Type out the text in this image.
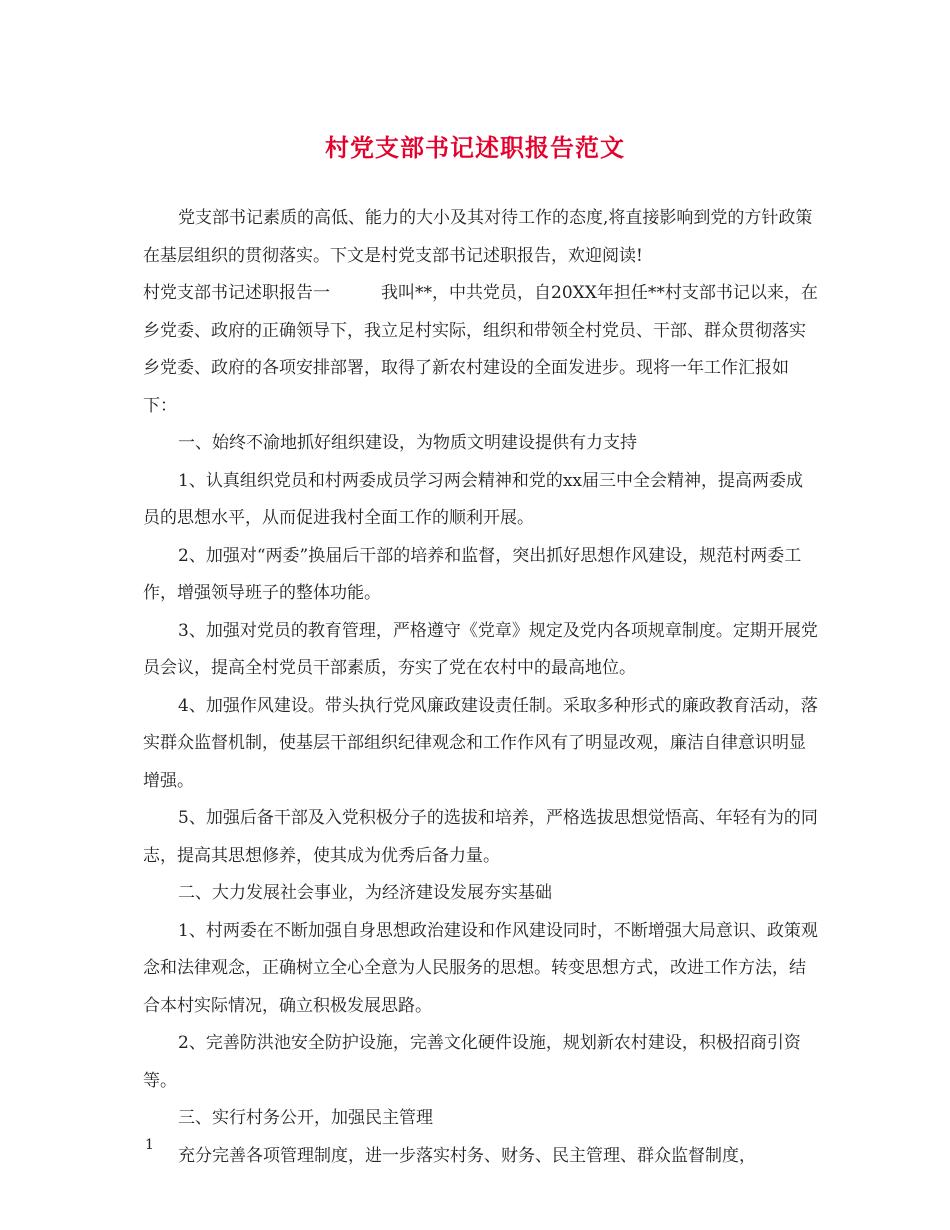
村党支部书记述职报告范文

党支部书记素质的高低、能力的大小及其对待工作的态度,将直接影响到党的方针政策在基层组织的贯彻落实。下文是村党支部书记述职报告，欢迎阅读!

村党支部书记述职报告一　　　我叫**，中共党员，自20XX年担任**村支部书记以来，在乡党委、政府的正确领导下，我立足村实际，组织和带领全村党员、干部、群众贯彻落实乡党委、政府的各项安排部署，取得了新农村建设的全面发进步。现将一年工作汇报如下：

一、始终不渝地抓好组织建设，为物质文明建设提供有力支持

1、认真组织党员和村两委成员学习两会精神和党的xx届三中全会精神，提高两委成员的思想水平，从而促进我村全面工作的顺利开展。

2、加强对“两委”换届后干部的培养和监督，突出抓好思想作风建设，规范村两委工作，增强领导班子的整体功能。

3、加强对党员的教育管理，严格遵守《党章》规定及党内各项规章制度。定期开展党员会议，提高全村党员干部素质，夯实了党在农村中的最高地位。

4、加强作风建设。带头执行党风廉政建设责任制。采取多种形式的廉政教育活动，落实群众监督机制，使基层干部组织纪律观念和工作作风有了明显改观，廉洁自律意识明显增强。

5、加强后备干部及入党积极分子的选拔和培养，严格选拔思想觉悟高、年轻有为的同志，提高其思想修养，使其成为优秀后备力量。

二、大力发展社会事业，为经济建设发展夯实基础

1、村两委在不断加强自身思想政治建设和作风建设同时，不断增强大局意识、政策观念和法律观念，正确树立全心全意为人民服务的思想。转变思想方式，改进工作方法，结合本村实际情况，确立积极发展思路。

2、完善防洪池安全防护设施，完善文化硬件设施，规划新农村建设，积极招商引资等。

三、实行村务公开，加强民主管理

充分完善各项管理制度，进一步落实村务、财务、民主管理、群众监督制度，

1
